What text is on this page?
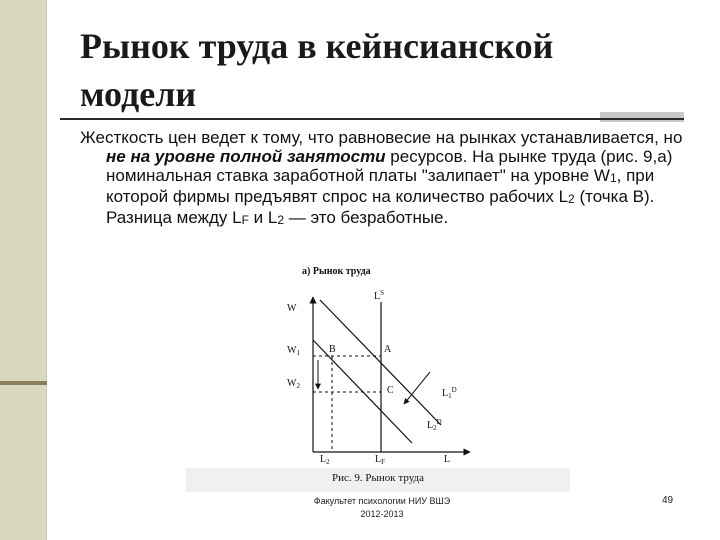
Рынок труда в кейнсианской
модели

Жесткость цен ведет к тому, что равновесие на рынках устанавливается, но не на уровне полной занятости ресурсов. На рынке труда (рис. 9,а) номинальная ставка заработной платы "залипает" на уровне W1, при которой фирмы предъявят спрос на количество рабочих L2 (точка В). Разница между LF и L2 — это безработные.

а) Рынок труда
W
$W_1$
$W_2$
$L^S$
B	A
C	$L_1^D$
$L_2^D$
$L_2$	$L_F$	L
Рис. 9. Рынок труда
Факультет психологии НИУ ВШЭ
2012-2013
49
